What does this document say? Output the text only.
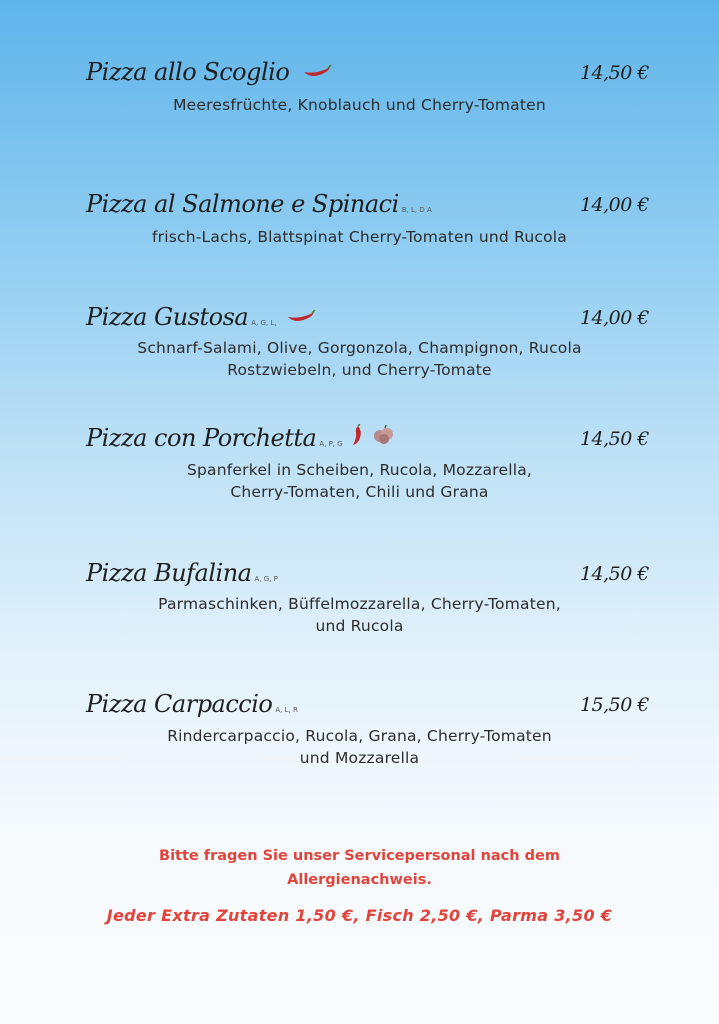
Pizza allo Scoglio	14,50 €
Meeresfrüchte, Knoblauch und Cherry-Tomaten
Pizza al Salmone e Spinaci B, L, D A	14,00 €
frisch-Lachs, Blattspinat Cherry-Tomaten und Rucola
Pizza Gustosa A, G, L,	14,00 €
Schnarf-Salami, Olive, Gorgonzola, Champignon, Rucola
Rostzwiebeln, und Cherry-Tomate
Pizza con Porchetta A, P, G	14,50 €
Spanferkel in Scheiben, Rucola, Mozzarella,
Cherry-Tomaten, Chili und Grana
Pizza Bufalina A, G, P	14,50 €
Parmaschinken, Büffelmozzarella, Cherry-Tomaten,
und Rucola
Pizza Carpaccio A, L, R	15,50 €
Rindercarpaccio, Rucola, Grana, Cherry-Tomaten
und Mozzarella
Bitte fragen Sie unser Servicepersonal nach dem
Allergienachweis.
Jeder Extra Zutaten 1,50 €, Fisch 2,50 €, Parma 3,50 €
